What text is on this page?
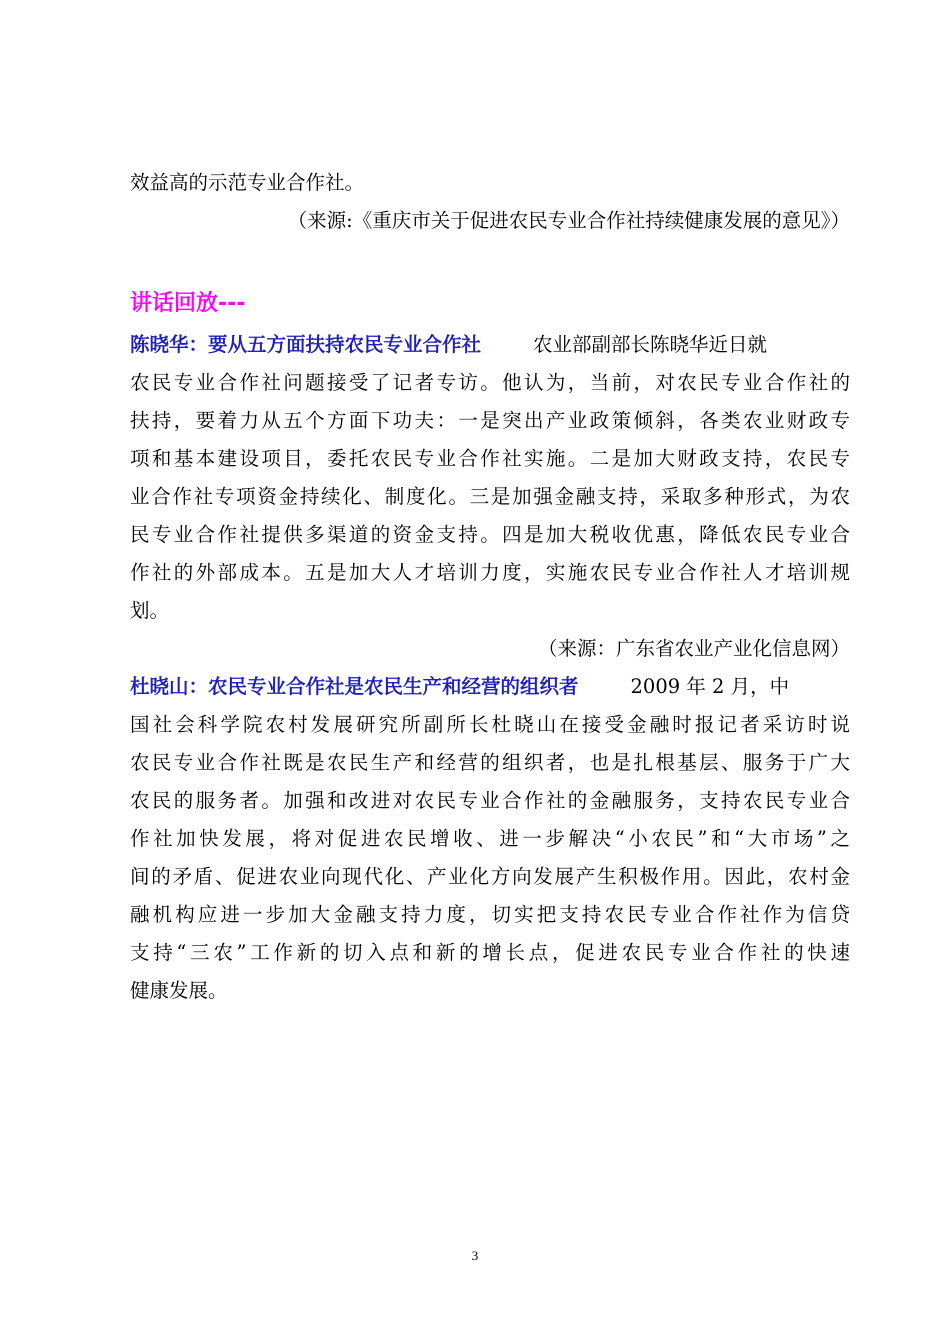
效益高的示范专业合作社。
（来源:《重庆市关于促进农民专业合作社持续健康发展的意见》）
讲话回放---
陈晓华：要从五方面扶持农民专业合作社	农业部副部长陈晓华近日就
农民专业合作社问题接受了记者专访。他认为，当前，对农民专业合作社的
扶持，要着力从五个方面下功夫：一是突出产业政策倾斜，各类农业财政专
项和基本建设项目，委托农民专业合作社实施。二是加大财政支持，农民专
业合作社专项资金持续化、制度化。三是加强金融支持，采取多种形式，为农
民专业合作社提供多渠道的资金支持。四是加大税收优惠，降低农民专业合
作社的外部成本。五是加大人才培训力度，实施农民专业合作社人才培训规
划。
（来源：广东省农业产业化信息网）
杜晓山：农民专业合作社是农民生产和经营的组织者	2009 年 2 月，中
国社会科学院农村发展研究所副所长杜晓山在接受金融时报记者采访时说
农民专业合作社既是农民生产和经营的组织者，也是扎根基层、服务于广大
农民的服务者。加强和改进对农民专业合作社的金融服务，支持农民专业合
作社加快发展，将对促进农民增收、进一步解决“小农民”和“大市场”之
间的矛盾、促进农业向现代化、产业化方向发展产生积极作用。因此，农村金
融机构应进一步加大金融支持力度，切实把支持农民专业合作社作为信贷
支持“三农”工作新的切入点和新的增长点，促进农民专业合作社的快速
健康发展。
3
